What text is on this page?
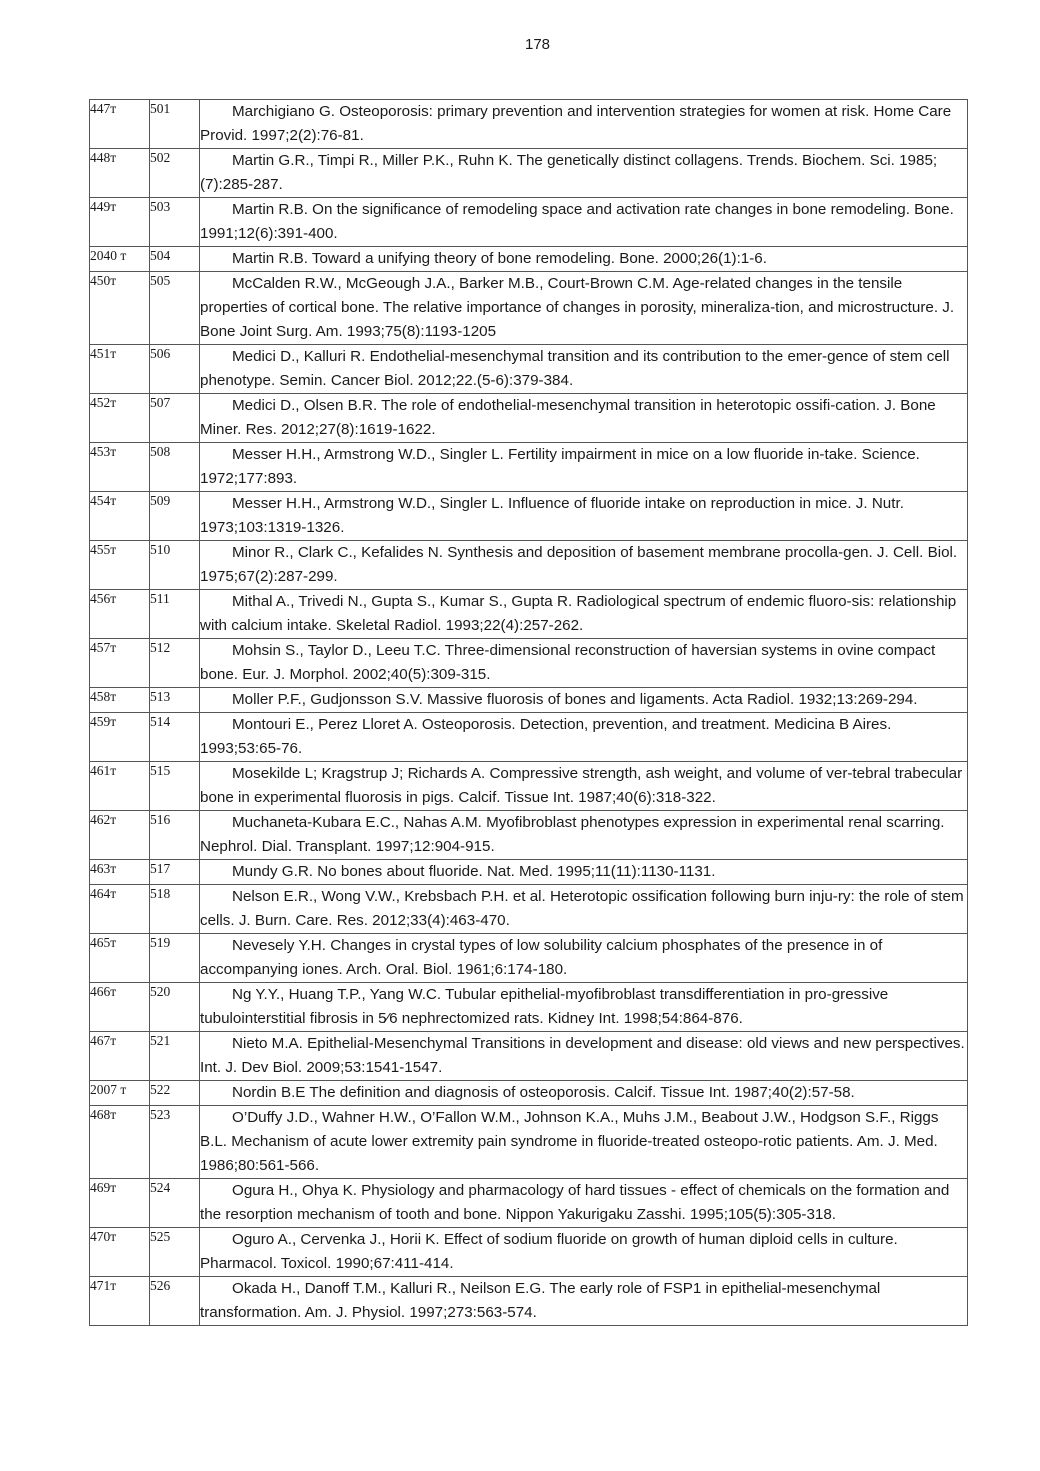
178
447т	501	Marchigiano G. Osteoporosis: primary prevention and intervention strategies for women at risk. Home Care Provid. 1997;2(2):76-81.
448т	502	Martin G.R., Timpi R., Miller P.K., Ruhn K. The genetically distinct collagens. Trends. Biochem. Sci. 1985;(7):285-287.
449т	503	Martin R.B. On the significance of remodeling space and activation rate changes in bone remodeling. Bone. 1991;12(6):391-400.
2040 т	504	Martin R.B. Toward a unifying theory of bone remodeling. Bone. 2000;26(1):1-6.
450т	505	McCalden R.W., McGeough J.A., Barker M.B., Court-Brown C.M. Age-related changes in the tensile properties of cortical bone. The relative importance of changes in porosity, mineraliza-tion, and microstructure. J. Bone Joint Surg. Am. 1993;75(8):1193-1205
451т	506	Medici D., Kalluri R. Endothelial-mesenchymal transition and its contribution to the emer-gence of stem cell phenotype. Semin. Cancer Biol. 2012;22.(5-6):379-384.
452т	507	Medici D., Olsen B.R. The role of endothelial-mesenchymal transition in heterotopic ossifi-cation. J. Bone Miner. Res. 2012;27(8):1619-1622.
453т	508	Messer H.H., Armstrong W.D., Singler L. Fertility impairment in mice on a low fluoride in-take. Science. 1972;177:893.
454т	509	Messer H.H., Armstrong W.D., Singler L. Influence of fluoride intake on reproduction in mice. J. Nutr. 1973;103:1319-1326.
455т	510	Minor R., Clark C., Kefalides N. Synthesis and deposition of basement membrane procolla-gen. J. Cell. Biol. 1975;67(2):287-299.
456т	511	Mithal A., Trivedi N., Gupta S., Kumar S., Gupta R. Radiological spectrum of endemic fluoro-sis: relationship with calcium intake. Skeletal Radiol. 1993;22(4):257-262.
457т	512	Mohsin S., Taylor D., Leeu T.C. Three-dimensional reconstruction of haversian systems in ovine compact bone. Eur. J. Morphol. 2002;40(5):309-315.
458т	513	Moller P.F., Gudjonsson S.V. Massive fluorosis of bones and ligaments. Acta Radiol. 1932;13:269-294.
459т	514	Montouri E., Perez Lloret A. Osteoporosis. Detection, prevention, and treatment. Medicina B Aires. 1993;53:65-76.
461т	515	Mosekilde L; Kragstrup J; Richards A. Compressive strength, ash weight, and volume of ver-tebral trabecular bone in experimental fluorosis in pigs. Calcif. Tissue Int. 1987;40(6):318-322.
462т	516	Muchaneta-Kubara E.C., Nahas A.M. Myofibroblast phenotypes expression in experimental renal scarring. Nephrol. Dial. Transplant. 1997;12:904-915.
463т	517	Mundy G.R. No bones about fluoride. Nat. Med. 1995;11(11):1130-1131.
464т	518	Nelson E.R., Wong V.W., Krebsbach P.H. et al. Heterotopic ossification following burn inju-ry: the role of stem cells. J. Burn. Care. Res. 2012;33(4):463-470.
465т	519	Nevesely Y.H. Changes in crystal types of low solubility calcium phosphates of the presence in of accompanying iones. Arch. Oral. Biol. 1961;6:174-180.
466т	520	Ng Y.Y., Huang T.P., Yang W.C. Tubular epithelial-myofibroblast transdifferentiation in pro-gressive tubulointerstitial fibrosis in 5⁄6 nephrectomized rats. Kidney Int. 1998;54:864-876.
467т	521	Nieto M.A. Epithelial-Mesenchymal Transitions in development and disease: old views and new perspectives. Int. J. Dev Biol. 2009;53:1541-1547.
2007 т	522	Nordin B.E The definition and diagnosis of osteoporosis. Calcif. Tissue Int. 1987;40(2):57-58.
468т	523	O’Duffy J.D., Wahner H.W., O’Fallon W.M., Johnson K.A., Muhs J.M., Beabout J.W., Hodgson S.F., Riggs B.L. Mechanism of acute lower extremity pain syndrome in fluoride-treated osteopo-rotic patients. Am. J. Med. 1986;80:561-566.
469т	524	Ogura H., Ohya K. Physiology and pharmacology of hard tissues - effect of chemicals on the formation and the resorption mechanism of tooth and bone. Nippon Yakurigaku Zasshi. 1995;105(5):305-318.
470т	525	Oguro A., Cervenka J., Horii K. Effect of sodium fluoride on growth of human diploid cells in culture. Pharmacol. Toxicol. 1990;67:411-414.
471т	526	Okada H., Danoff T.M., Kalluri R., Neilson E.G. The early role of FSP1 in epithelial-mesenchymal transformation. Am. J. Physiol. 1997;273:563-574.
